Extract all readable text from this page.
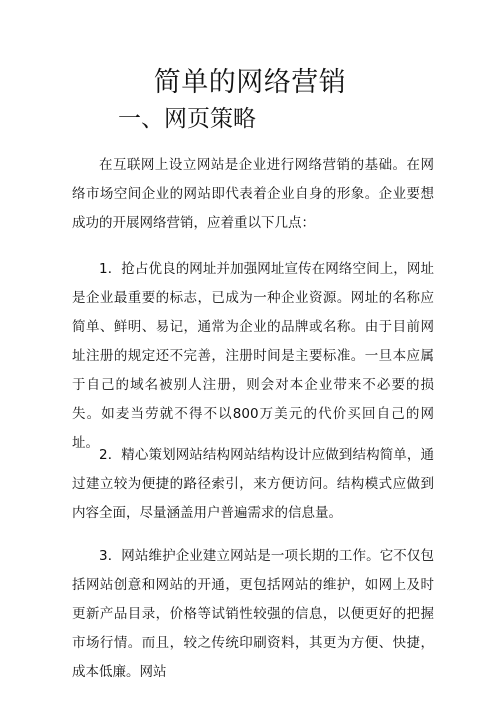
简单的网络营销
一、网页策略

在互联网上设立网站是企业进行网络营销的基础。在网络市场空间企业的网站即代表着企业自身的形象。企业要想成功的开展网络营销，应着重以下几点：

1．抢占优良的网址并加强网址宣传在网络空间上，网址是企业最重要的标志，已成为一种企业资源。网址的名称应简单、鲜明、易记，通常为企业的品牌或名称。由于目前网址注册的规定还不完善，注册时间是主要标准。一旦本应属于自己的域名被别人注册，则会对本企业带来不必要的损失。如麦当劳就不得不以800万美元的代价买回自己的网址。

2．精心策划网站结构网站结构设计应做到结构简单，通过建立较为便捷的路径索引，来方便访问。结构模式应做到内容全面，尽量涵盖用户普遍需求的信息量。

3．网站维护企业建立网站是一项长期的工作。它不仅包括网站创意和网站的开通，更包括网站的维护，如网上及时更新产品目录，价格等试销性较强的信息，以便更好的把握市场行情。而且，较之传统印刷资料，其更为方便、快捷，成本低廉。网站
